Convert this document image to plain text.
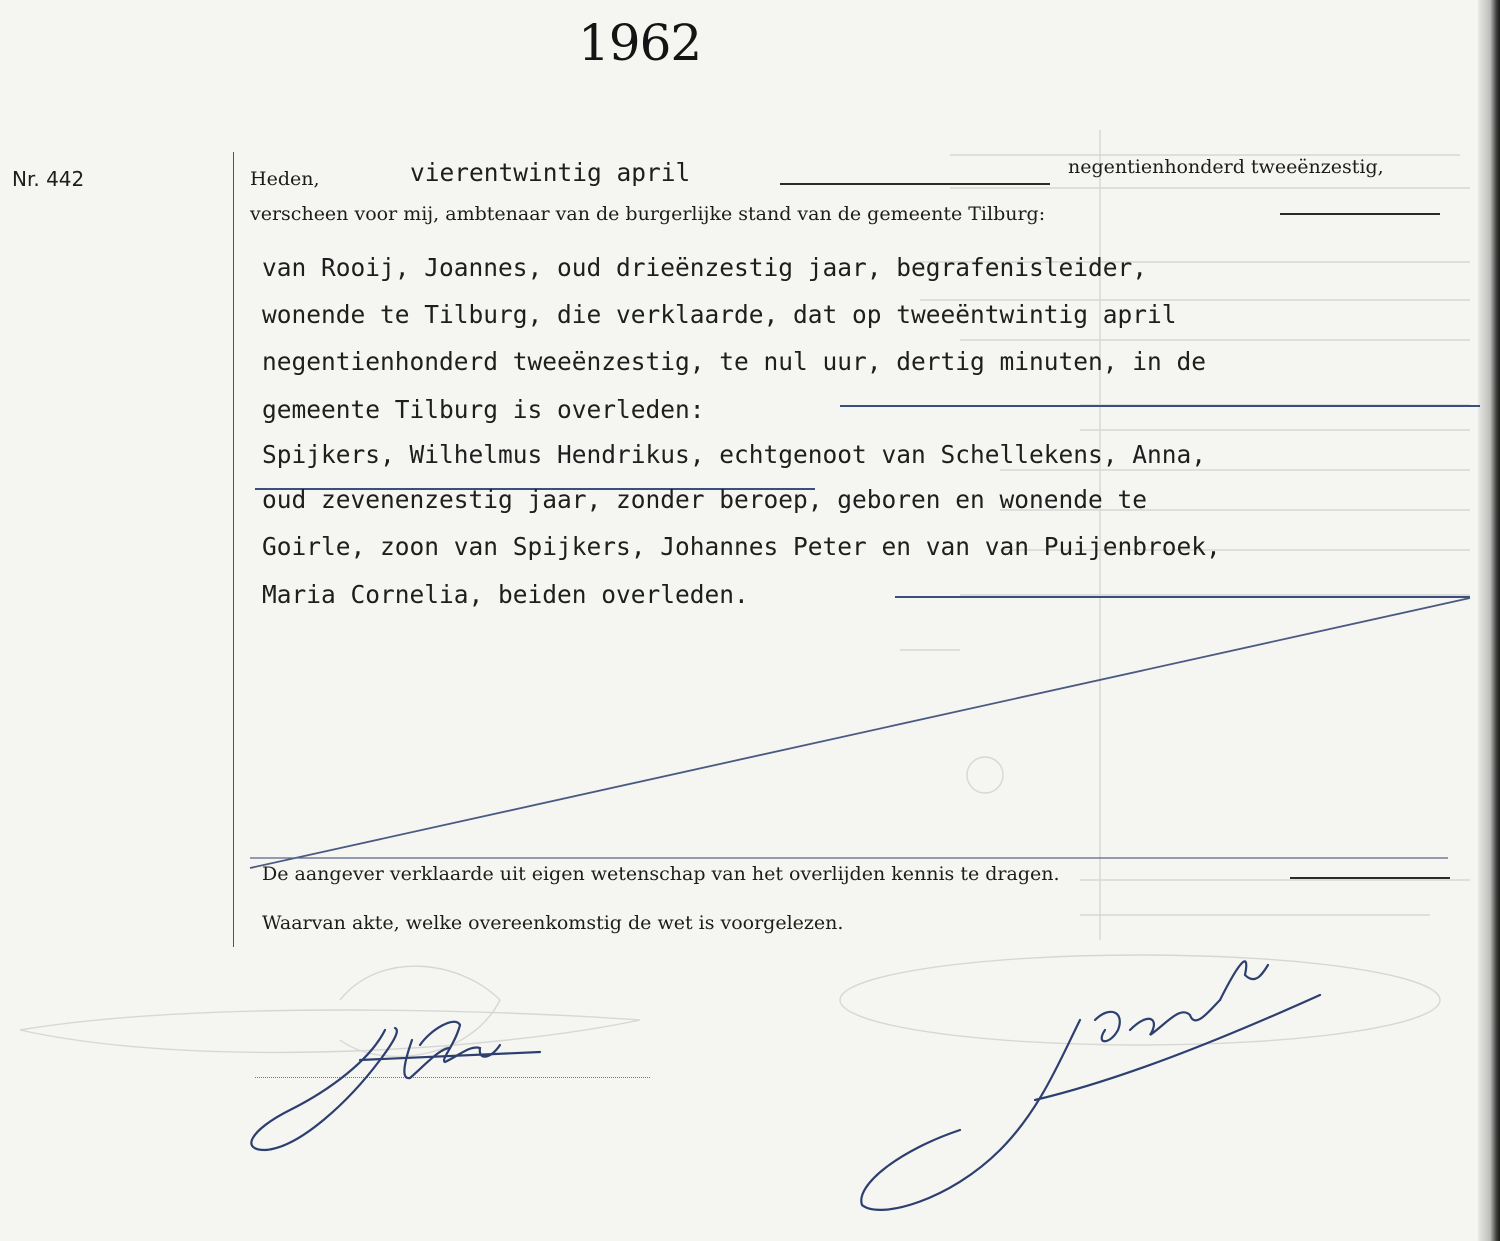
1962
Nr. 442	Heden,	vierentwintig april	negentienhonderd tweeënzestig,
verscheen voor mij, ambtenaar van de burgerlijke stand van de gemeente Tilburg:
van Rooij, Joannes, oud drieënzestig jaar, begrafenisleider,
wonende te Tilburg, die verklaarde, dat op tweeëntwintig april
negentienhonderd tweeënzestig, te nul uur, dertig minuten, in de
gemeente Tilburg is overleden:
Spijkers, Wilhelmus Hendrikus, echtgenoot van Schellekens, Anna,
oud zevenenzestig jaar, zonder beroep, geboren en wonende te
Goirle, zoon van Spijkers, Johannes Peter en van van Puijenbroek,
Maria Cornelia, beiden overleden.
De aangever verklaarde uit eigen wetenschap van het overlijden kennis te dragen.
Waarvan akte, welke overeenkomstig de wet is voorgelezen.
